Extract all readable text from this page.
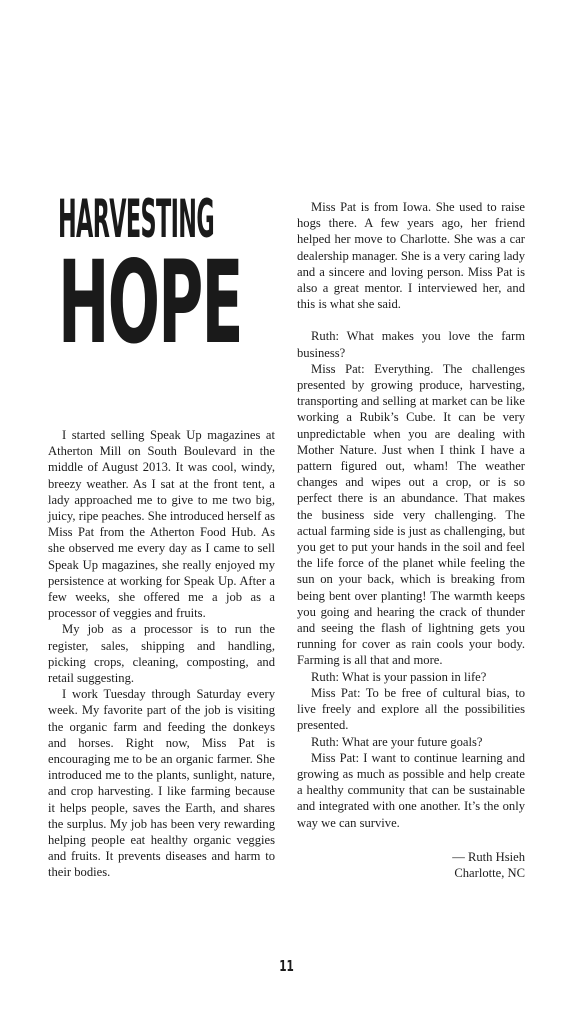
HARVESTING
HOPE

I started selling Speak Up magazines at Atherton Mill on South Boulevard in the middle of August 2013. It was cool, windy, breezy weather. As I sat at the front tent, a lady approached me to give to me two big, juicy, ripe peaches. She introduced herself as Miss Pat from the Atherton Food Hub. As she observed me every day as I came to sell Speak Up magazines, she really enjoyed my persistence at working for Speak Up. After a few weeks, she offered me a job as a processor of veggies and fruits.

My job as a processor is to run the register, sales, shipping and handling, picking crops, cleaning, composting, and retail suggesting.

I work Tuesday through Saturday every week. My favorite part of the job is visiting the organic farm and feeding the donkeys and horses. Right now, Miss Pat is encouraging me to be an organic farmer. She introduced me to the plants, sunlight, nature, and crop harvesting. I like farming because it helps people, saves the Earth, and shares the surplus. My job has been very rewarding helping people eat healthy organic veggies and fruits. It prevents diseases and harm to their bodies.

Miss Pat is from Iowa. She used to raise hogs there. A few years ago, her friend helped her move to Charlotte. She was a car dealership manager. She is a very caring lady and a sincere and loving person. Miss Pat is also a great mentor. I interviewed her, and this is what she said.

Ruth: What makes you love the farm business?

Miss Pat: Everything. The challenges presented by growing produce, harvesting, transporting and selling at market can be like working a Rubik’s Cube. It can be very unpredictable when you are dealing with Mother Nature. Just when I think I have a pattern figured out, wham! The weather changes and wipes out a crop, or is so perfect there is an abundance. That makes the business side very challenging. The actual farming side is just as challenging, but you get to put your hands in the soil and feel the life force of the planet while feeling the sun on your back, which is breaking from being bent over planting! The warmth keeps you going and hearing the crack of thunder and seeing the flash of lightning gets you running for cover as rain cools your body. Farming is all that and more.

Ruth: What is your passion in life?

Miss Pat: To be free of cultural bias, to live freely and explore all the possibilities presented.

Ruth: What are your future goals?

Miss Pat: I want to continue learning and growing as much as possible and help create a healthy community that can be sustainable and integrated with one another. It’s the only way we can survive.

— Ruth Hsieh
Charlotte, NC
11
